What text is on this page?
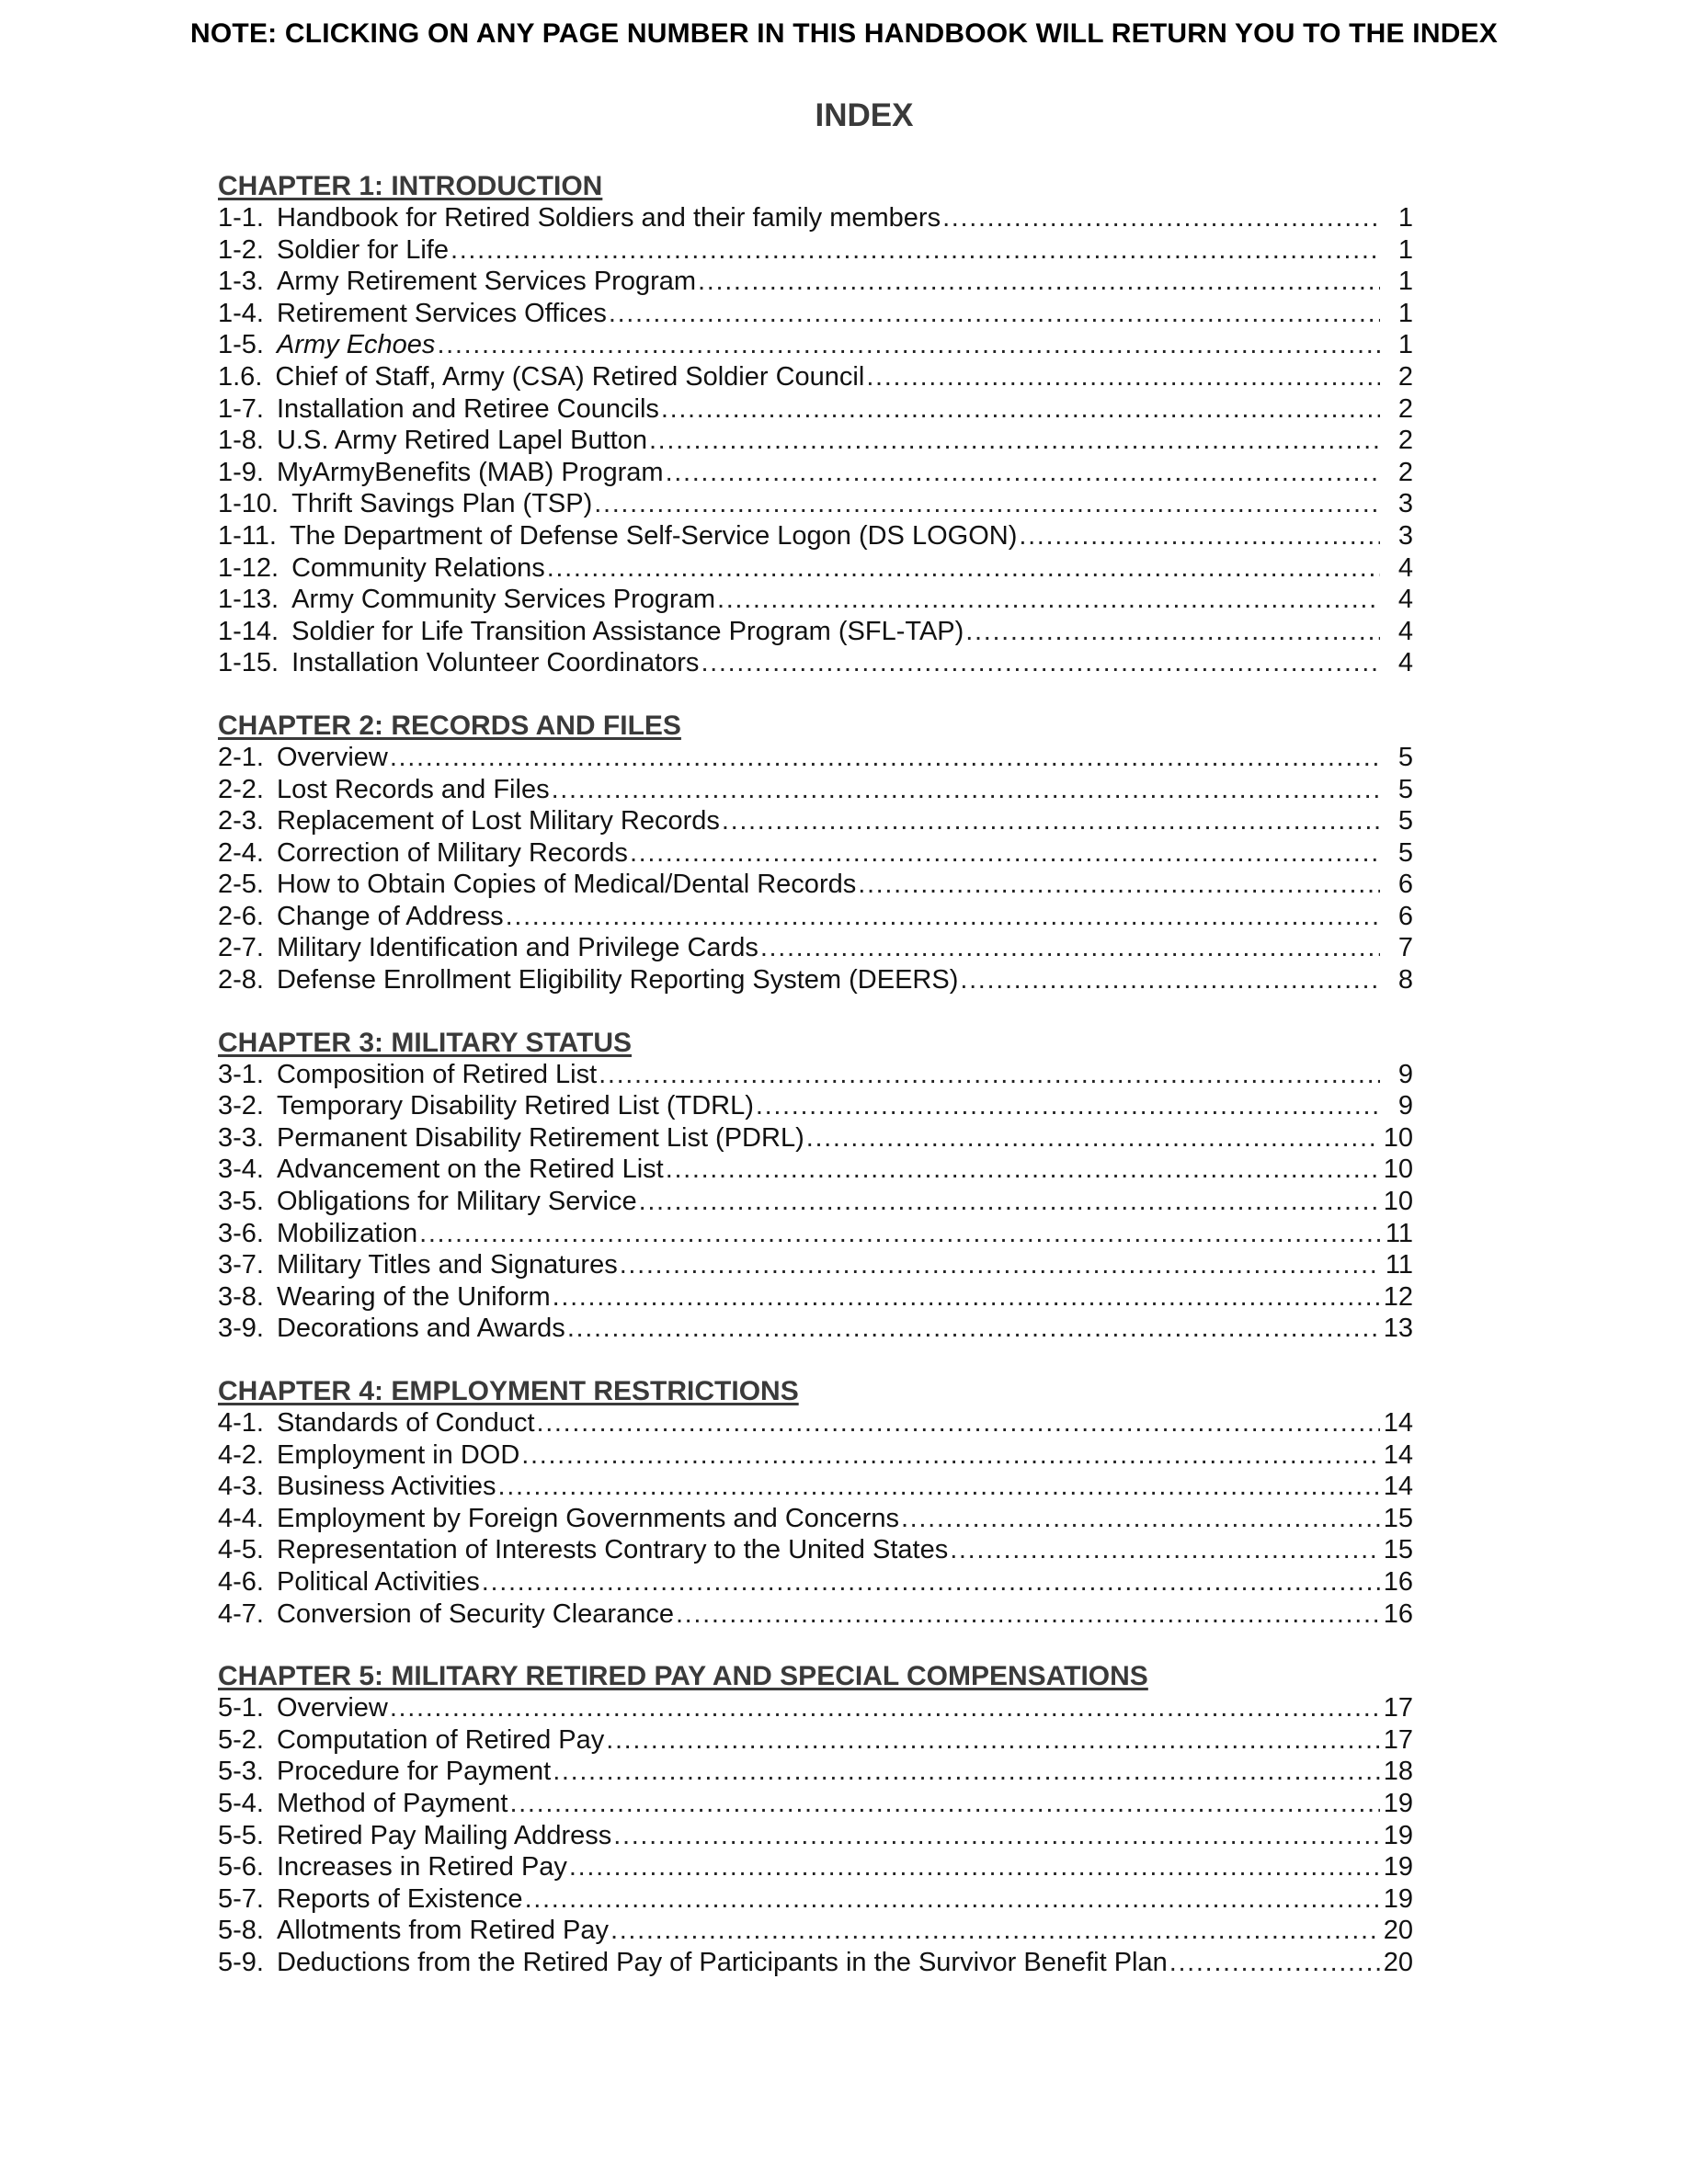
NOTE: CLICKING ON ANY PAGE NUMBER IN THIS HANDBOOK WILL RETURN YOU TO THE INDEX
INDEX
CHAPTER 1: INTRODUCTION
1-1. Handbook for Retired Soldiers and their family members . . .	1
1-2. Soldier for Life . . .	1
1-3. Army Retirement Services Program . . .	1
1-4. Retirement Services Offices . . .	1
1-5. Army Echoes . . .	1
1.6. Chief of Staff, Army (CSA) Retired Soldier Council . . .	2
1-7. Installation and Retiree Councils . . .	2
1-8. U.S. Army Retired Lapel Button . . .	2
1-9. MyArmyBenefits (MAB) Program . . .	2
1-10. Thrift Savings Plan (TSP) . . .	3
1-11. The Department of Defense Self-Service Logon (DS LOGON) . . .	3
1-12. Community Relations . . .	4
1-13. Army Community Services Program . . .	4
1-14. Soldier for Life Transition Assistance Program (SFL-TAP) . . .	4
1-15. Installation Volunteer Coordinators . . .	4
CHAPTER 2: RECORDS AND FILES
2-1. Overview . . .	5
2-2. Lost Records and Files . . .	5
2-3. Replacement of Lost Military Records . . .	5
2-4. Correction of Military Records . . .	5
2-5. How to Obtain Copies of Medical/Dental Records . . .	6
2-6. Change of Address . . .	6
2-7. Military Identification and Privilege Cards . . .	7
2-8. Defense Enrollment Eligibility Reporting System (DEERS) . . .	8
CHAPTER 3: MILITARY STATUS
3-1. Composition of Retired List . . .	9
3-2. Temporary Disability Retired List (TDRL) . . .	9
3-3. Permanent Disability Retirement List (PDRL) . . .	10
3-4. Advancement on the Retired List . . .	10
3-5. Obligations for Military Service . . .	10
3-6. Mobilization . . .	11
3-7. Military Titles and Signatures . . .	11
3-8. Wearing of the Uniform . . .	12
3-9. Decorations and Awards . . .	13
CHAPTER 4: EMPLOYMENT RESTRICTIONS
4-1. Standards of Conduct . . .	14
4-2. Employment in DOD . . .	14
4-3. Business Activities . . .	14
4-4. Employment by Foreign Governments and Concerns . . .	15
4-5. Representation of Interests Contrary to the United States . . .	15
4-6. Political Activities . . .	16
4-7. Conversion of Security Clearance . . .	16
CHAPTER 5: MILITARY RETIRED PAY AND SPECIAL COMPENSATIONS
5-1. Overview . . .	17
5-2. Computation of Retired Pay . . .	17
5-3. Procedure for Payment . . .	18
5-4. Method of Payment . . .	19
5-5. Retired Pay Mailing Address . . .	19
5-6. Increases in Retired Pay . . .	19
5-7. Reports of Existence . . .	19
5-8. Allotments from Retired Pay . . .	20
5-9. Deductions from the Retired Pay of Participants in the Survivor Benefit Plan . . .	20
